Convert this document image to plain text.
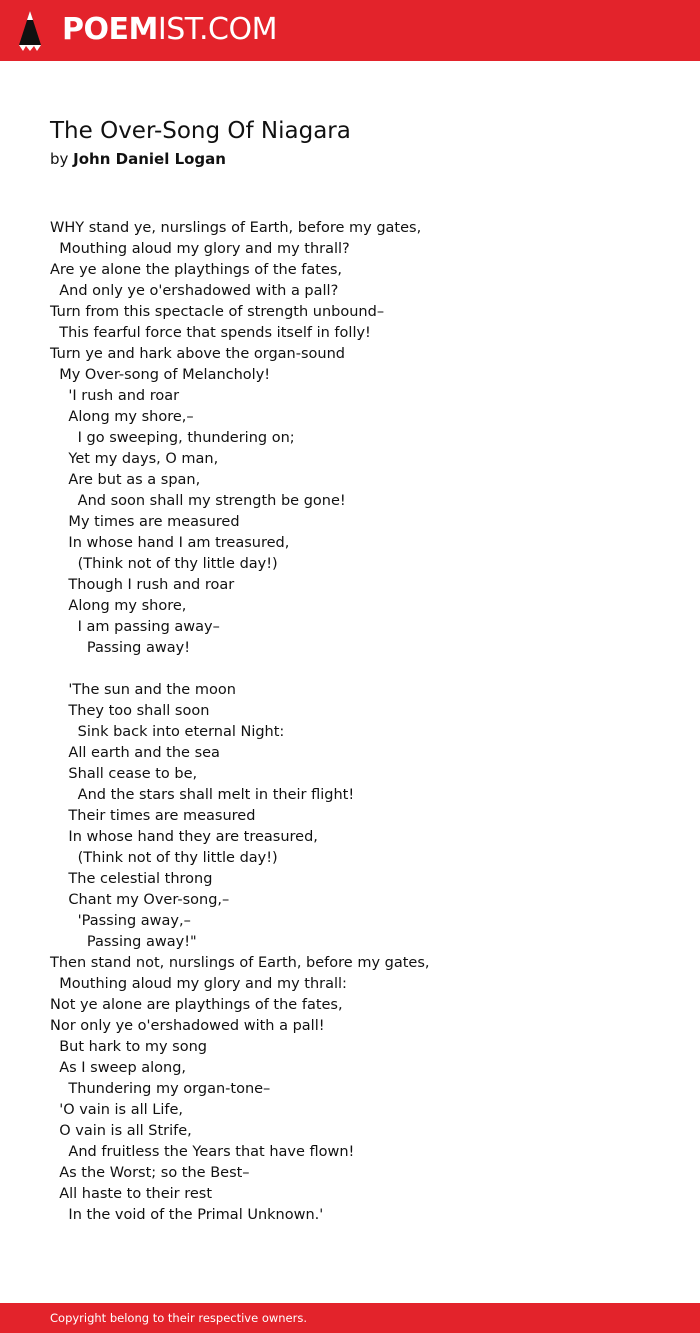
POEMIST.COM
The Over-Song Of Niagara
by John Daniel Logan
WHY stand ye, nurslings of Earth, before my gates,
Mouthing aloud my glory and my thrall?
Are ye alone the playthings of the fates,
And only ye o'ershadowed with a pall?
Turn from this spectacle of strength unbound–
This fearful force that spends itself in folly!
Turn ye and hark above the organ-sound
My Over-song of Melancholy!
'I rush and roar
Along my shore,–
I go sweeping, thundering on;
Yet my days, O man,
Are but as a span,
And soon shall my strength be gone!
My times are measured
In whose hand I am treasured,
(Think not of thy little day!)
Though I rush and roar
Along my shore,
I am passing away–
Passing away!
'The sun and the moon
They too shall soon
Sink back into eternal Night:
All earth and the sea
Shall cease to be,
And the stars shall melt in their flight!
Their times are measured
In whose hand they are treasured,
(Think not of thy little day!)
The celestial throng
Chant my Over-song,–
'Passing away,–
Passing away!"
Then stand not, nurslings of Earth, before my gates,
Mouthing aloud my glory and my thrall:
Not ye alone are playthings of the fates,
Nor only ye o'ershadowed with a pall!
But hark to my song
As I sweep along,
Thundering my organ-tone–
'O vain is all Life,
O vain is all Strife,
And fruitless the Years that have flown!
As the Worst; so the Best–
All haste to their rest
In the void of the Primal Unknown.'
Copyright belong to their respective owners.
